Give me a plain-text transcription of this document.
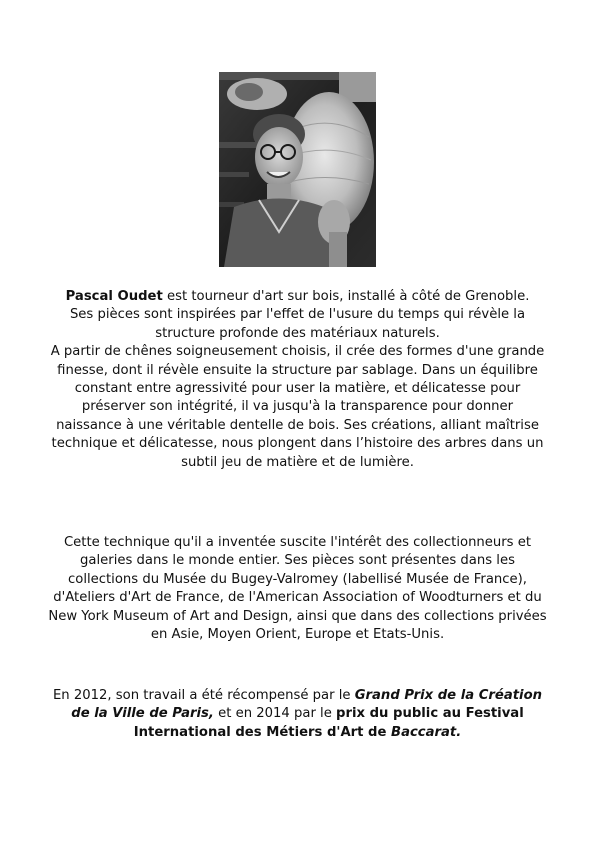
Pascal Oudet est tourneur d'art sur bois, installé à côté de Grenoble.
Ses pièces sont inspirées par l'effet de l'usure du temps qui révèle la structure profonde des matériaux naturels.
A partir de chênes soigneusement choisis, il crée des formes d'une grande finesse, dont il révèle ensuite la structure par sablage. Dans un équilibre constant entre agressivité pour user la matière, et délicatesse pour préserver son intégrité, il va jusqu'à la transparence pour donner naissance à une véritable dentelle de bois. Ses créations, alliant maîtrise technique et délicatesse, nous plongent dans l’histoire des arbres dans un subtil jeu de matière et de lumière.

Cette technique qu'il a inventée suscite l'intérêt des collectionneurs et galeries dans le monde entier. Ses pièces sont présentes dans les collections du Musée du Bugey-Valromey (labellisé Musée de France), d'Ateliers d'Art de France, de l'American Association of Woodturners et du New York Museum of Art and Design, ainsi que dans des collections privées en Asie, Moyen Orient, Europe et Etats-Unis.

En 2012, son travail a été récompensé par le Grand Prix de la Création de la Ville de Paris, et en 2014 par le prix du public au Festival International des Métiers d'Art de Baccarat.
